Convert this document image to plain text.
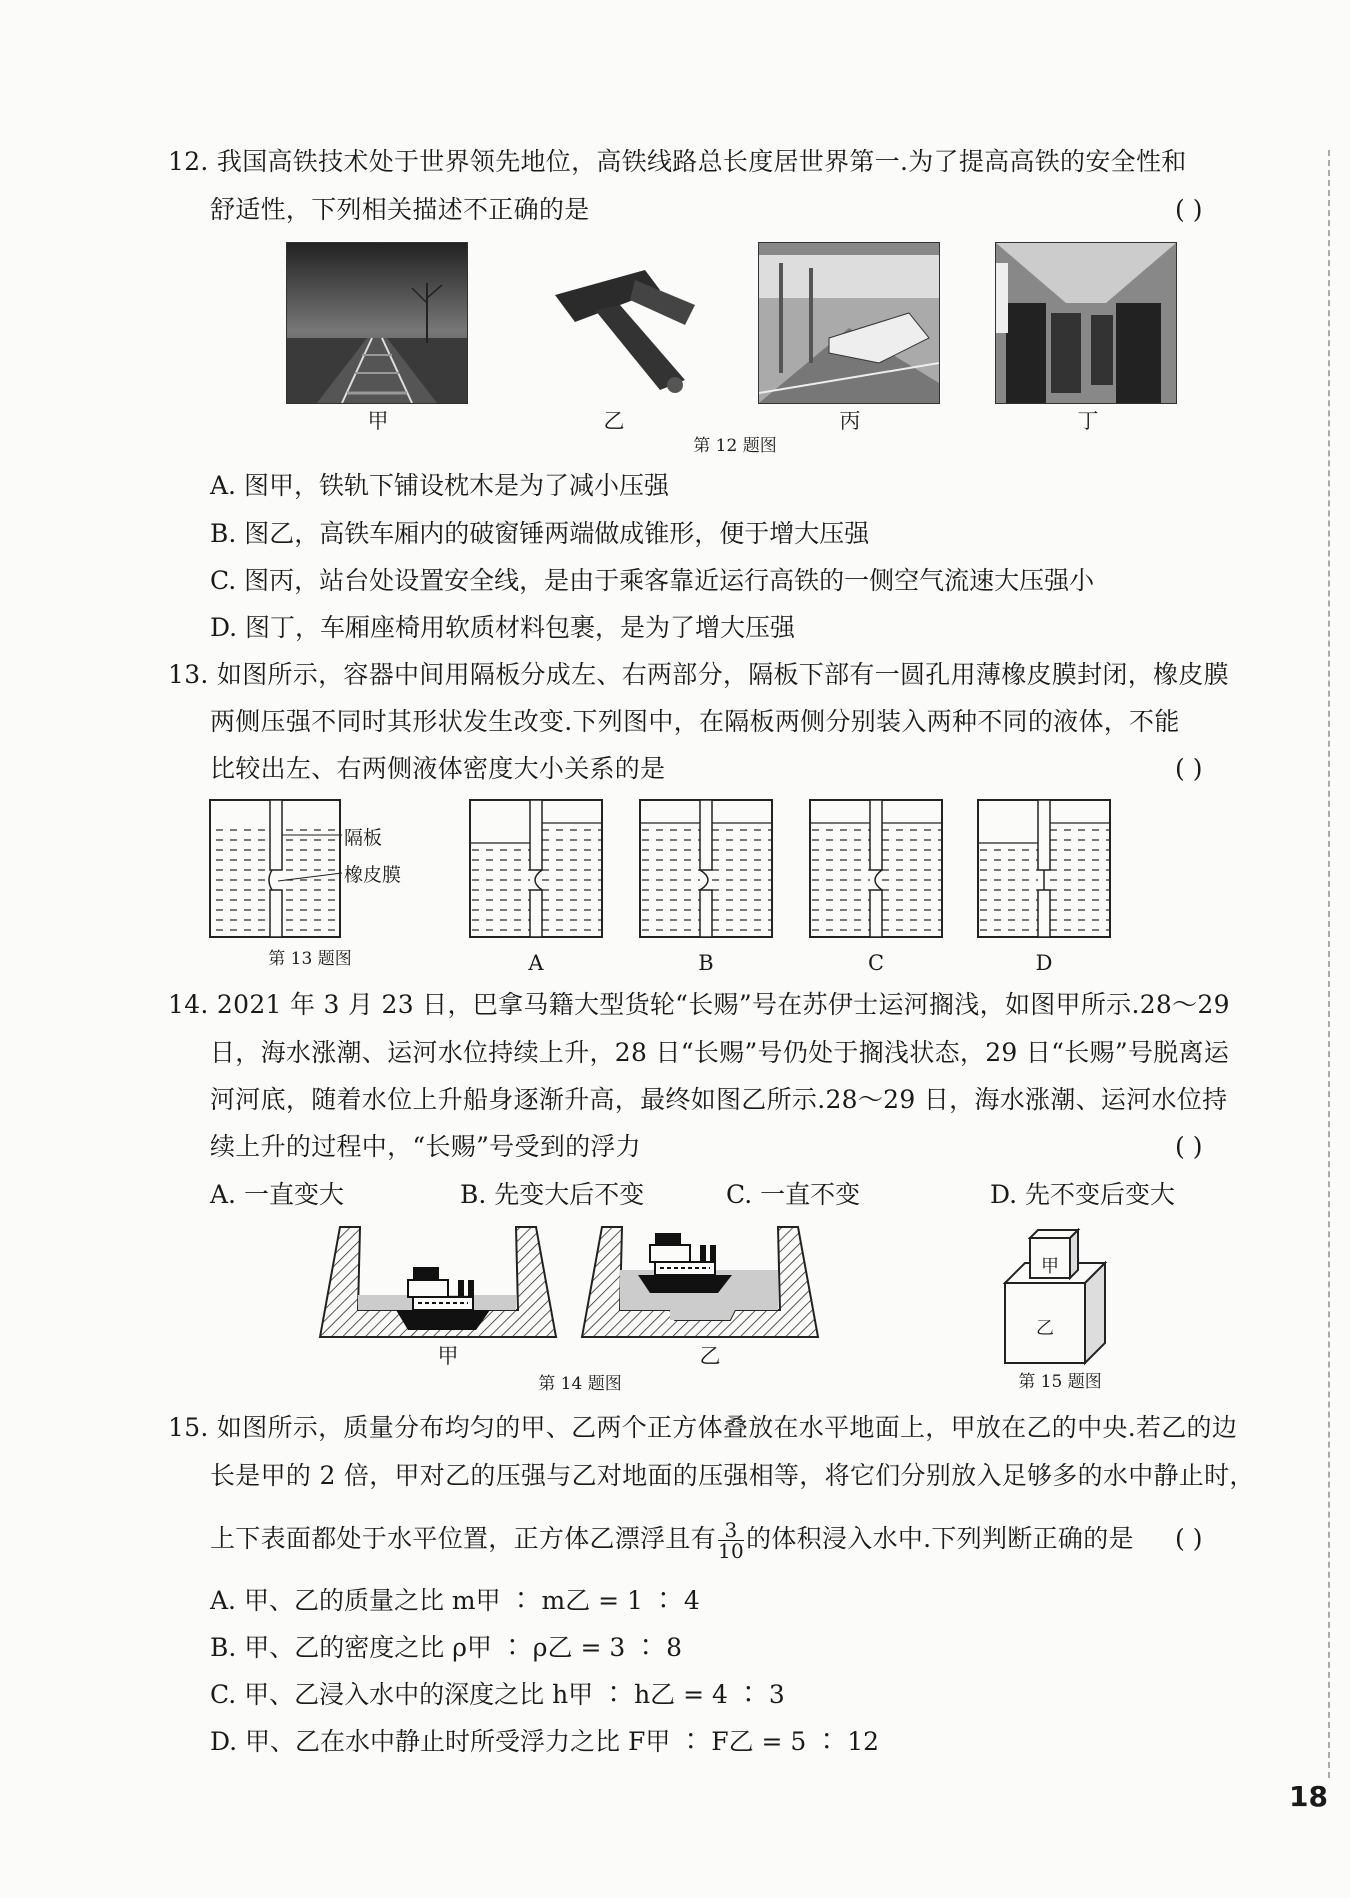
12. 我国高铁技术处于世界领先地位，高铁线路总长度居世界第一.为了提高高铁的安全性和
舒适性，下列相关描述不正确的是	( )
甲	乙	丙	丁
第 12 题图
A. 图甲，铁轨下铺设枕木是为了减小压强
B. 图乙，高铁车厢内的破窗锤两端做成锥形，便于增大压强
C. 图丙，站台处设置安全线，是由于乘客靠近运行高铁的一侧空气流速大压强小
D. 图丁，车厢座椅用软质材料包裹，是为了增大压强
13. 如图所示，容器中间用隔板分成左、右两部分，隔板下部有一圆孔用薄橡皮膜封闭，橡皮膜
两侧压强不同时其形状发生改变.下列图中，在隔板两侧分别装入两种不同的液体，不能
比较出左、右两侧液体密度大小关系的是	( )
隔板
橡皮膜
第 13 题图	A	B	C	D
14. 2021 年 3 月 23 日，巴拿马籍大型货轮“长赐”号在苏伊士运河搁浅，如图甲所示.28～29
日，海水涨潮、运河水位持续上升，28 日“长赐”号仍处于搁浅状态，29 日“长赐”号脱离运
河河底，随着水位上升船身逐渐升高，最终如图乙所示.28～29 日，海水涨潮、运河水位持
续上升的过程中，“长赐”号受到的浮力	( )
A. 一直变大	B. 先变大后不变	C. 一直不变	D. 先不变后变大
甲	乙
第 14 题图
甲
乙
第 15 题图
15. 如图所示，质量分布均匀的甲、乙两个正方体叠放在水平地面上，甲放在乙的中央.若乙的边
长是甲的 2 倍，甲对乙的压强与乙对地面的压强相等，将它们分别放入足够多的水中静止时，
上下表面都处于水平位置，正方体乙漂浮且有 $\frac{3}{10}$ 的体积浸入水中.下列判断正确的是 ( )
A. 甲、乙的质量之比 m甲 ∶ m乙 = 1 ∶ 4
B. 甲、乙的密度之比 ρ甲 ∶ ρ乙 = 3 ∶ 8
C. 甲、乙浸入水中的深度之比 h甲 ∶ h乙 = 4 ∶ 3
D. 甲、乙在水中静止时所受浮力之比 F甲 ∶ F乙 = 5 ∶ 12
18
